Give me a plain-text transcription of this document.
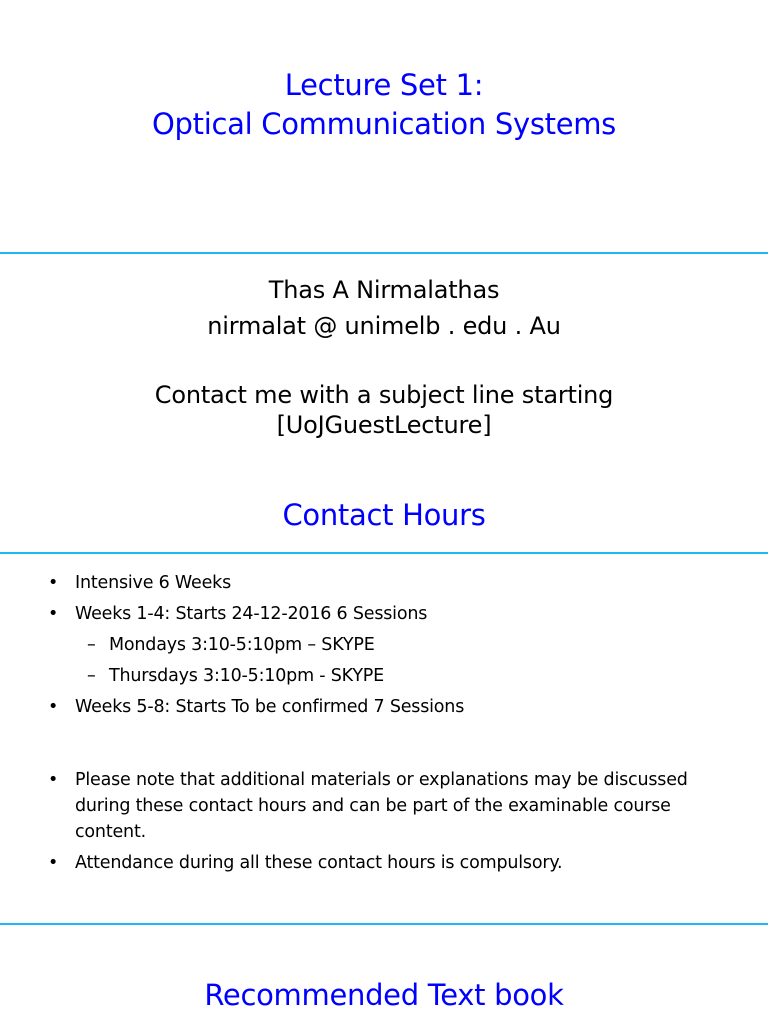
Lecture Set 1:
Optical Communication Systems
Thas A Nirmalathas
nirmalat @ unimelb . edu . Au
Contact me with a subject line starting
[UoJGuestLecture]
Contact Hours
• Intensive 6 Weeks
• Weeks 1-4: Starts 24-12-2016 6 Sessions
– Mondays 3:10-5:10pm – SKYPE
– Thursdays 3:10-5:10pm - SKYPE
• Weeks 5-8: Starts To be confirmed 7 Sessions
• Please note that additional materials or explanations may be discussed during these contact hours and can be part of the examinable course content.
• Attendance during all these contact hours is compulsory.
Recommended Text book
